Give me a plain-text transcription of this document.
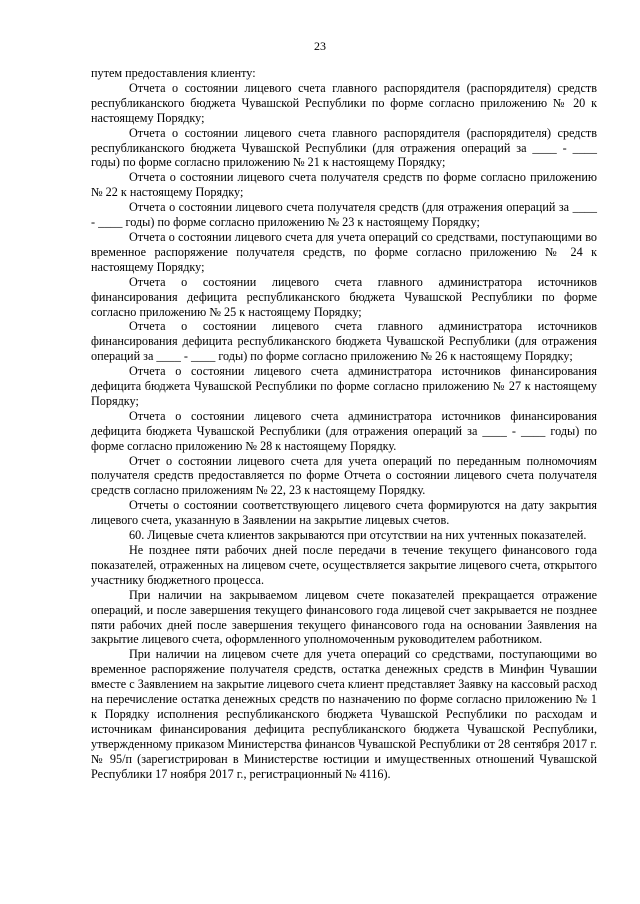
23

путем предоставления клиенту:

Отчета о состоянии лицевого счета главного распорядителя (распорядителя) средств республиканского бюджета Чувашской Республики по форме согласно приложению № 20 к настоящему Порядку;

Отчета о состоянии лицевого счета главного распорядителя (распорядителя) средств республиканского бюджета Чувашской Республики (для отражения операций за ____ - ____ годы) по форме согласно приложению № 21 к настоящему Порядку;

Отчета о состоянии лицевого счета получателя средств по форме согласно приложению № 22 к настоящему Порядку;

Отчета о состоянии лицевого счета получателя средств (для отражения операций за ____ - ____ годы) по форме согласно приложению № 23 к настоящему Порядку;

Отчета о состоянии лицевого счета для учета операций со средствами, поступающими во временное распоряжение получателя средств, по форме согласно приложению № 24 к настоящему Порядку;

Отчета о состоянии лицевого счета главного администратора источников финансирования дефицита республиканского бюджета Чувашской Республики по форме согласно приложению № 25 к настоящему Порядку;

Отчета о состоянии лицевого счета главного администратора источников финансирования дефицита республиканского бюджета Чувашской Республики (для отражения операций за ____ - ____ годы) по форме согласно приложению № 26 к настоящему Порядку;

Отчета о состоянии лицевого счета администратора источников финансирования дефицита бюджета Чувашской Республики по форме согласно приложению № 27 к настоящему Порядку;

Отчета о состоянии лицевого счета администратора источников финансирования дефицита бюджета Чувашской Республики (для отражения операций за ____ - ____ годы) по форме согласно приложению № 28 к настоящему Порядку.

Отчет о состоянии лицевого счета для учета операций по переданным полномочиям получателя средств предоставляется по форме Отчета о состоянии лицевого счета получателя средств согласно приложениям № 22, 23 к настоящему Порядку.

Отчеты о состоянии соответствующего лицевого счета формируются на дату закрытия лицевого счета, указанную в Заявлении на закрытие лицевых счетов.

60. Лицевые счета клиентов закрываются при отсутствии на них учтенных показателей.

Не позднее пяти рабочих дней после передачи в течение текущего финансового года показателей, отраженных на лицевом счете, осуществляется закрытие лицевого счета, открытого участнику бюджетного процесса.

При наличии на закрываемом лицевом счете показателей прекращается отражение операций, и после завершения текущего финансового года лицевой счет закрывается не позднее пяти рабочих дней после завершения текущего финансового года на основании Заявления на закрытие лицевого счета, оформленного уполномоченным руководителем работником.

При наличии на лицевом счете для учета операций со средствами, поступающими во временное распоряжение получателя средств, остатка денежных средств в Минфин Чувашии вместе с Заявлением на закрытие лицевого счета клиент представляет Заявку на кассовый расход на перечисление остатка денежных средств по назначению по форме согласно приложению № 1 к Порядку исполнения республиканского бюджета Чувашской Республики по расходам и источникам финансирования дефицита республиканского бюджета Чувашской Республики, утвержденному приказом Министерства финансов Чувашской Республики от 28 сентября 2017 г. № 95/п (зарегистрирован в Министерстве юстиции и имущественных отношений Чувашской Республики 17 ноября 2017 г., регистрационный № 4116).
